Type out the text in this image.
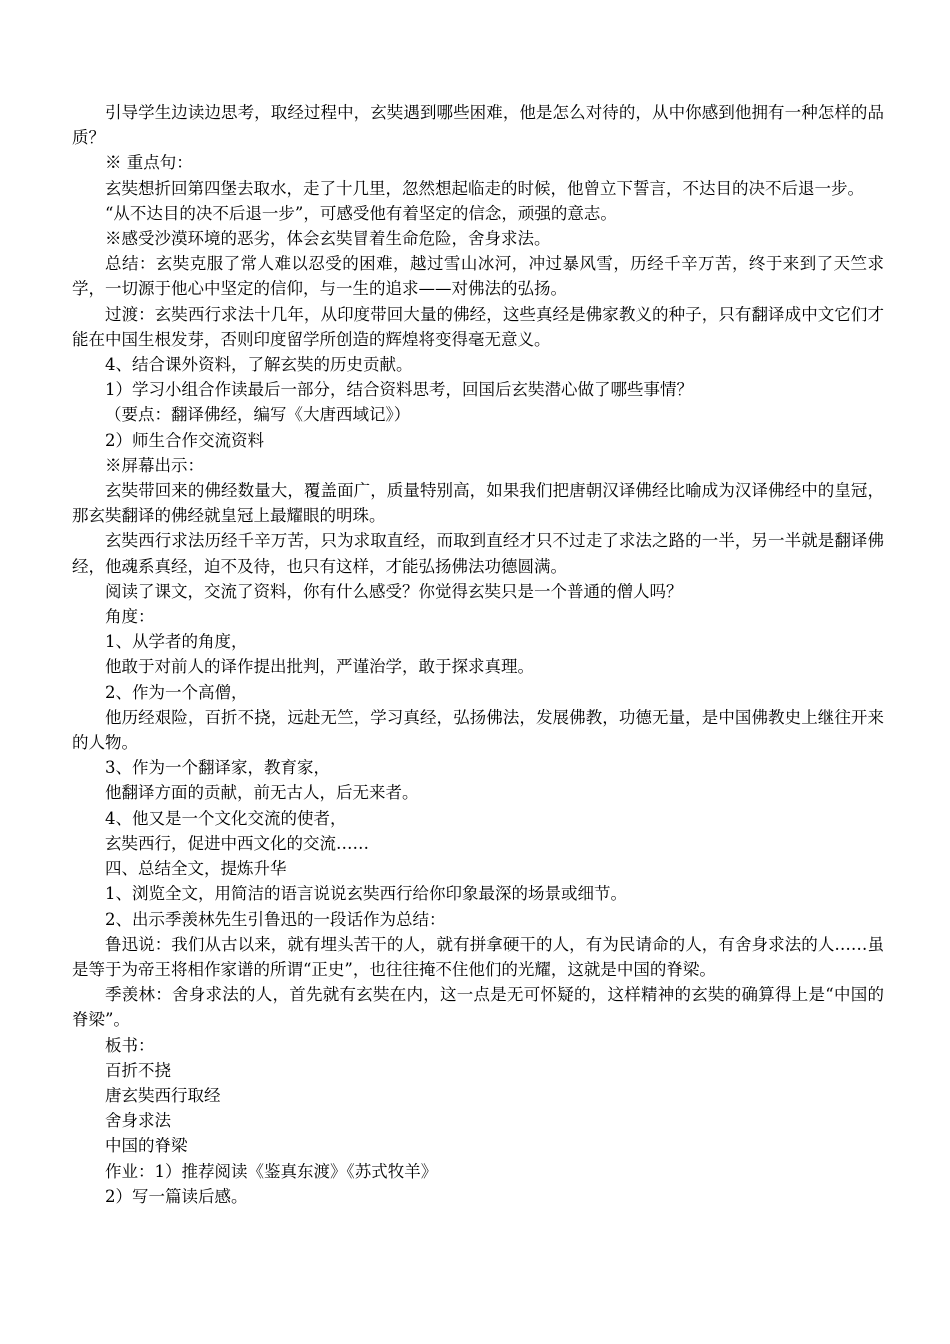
引导学生边读边思考，取经过程中，玄奘遇到哪些困难，他是怎么对待的，从中你感到他拥有一种怎样的品质？

※ 重点句：

玄奘想折回第四堡去取水，走了十几里，忽然想起临走的时候，他曾立下誓言，不达目的决不后退一步。

“从不达目的决不后退一步”，可感受他有着坚定的信念，顽强的意志。

※感受沙漠环境的恶劣，体会玄奘冒着生命危险，舍身求法。

总结：玄奘克服了常人难以忍受的困难，越过雪山冰河，冲过暴风雪，历经千辛万苦，终于来到了天竺求学，一切源于他心中坚定的信仰，与一生的追求——对佛法的弘扬。

过渡：玄奘西行求法十几年，从印度带回大量的佛经，这些真经是佛家教义的种子，只有翻译成中文它们才能在中国生根发芽，否则印度留学所创造的辉煌将变得毫无意义。

4、结合课外资料，了解玄奘的历史贡献。

1）学习小组合作读最后一部分，结合资料思考，回国后玄奘潜心做了哪些事情？

（要点：翻译佛经，编写《大唐西域记》）

2）师生合作交流资料

※屏幕出示：

玄奘带回来的佛经数量大，覆盖面广，质量特别高，如果我们把唐朝汉译佛经比喻成为汉译佛经中的皇冠，那玄奘翻译的佛经就皇冠上最耀眼的明珠。

玄奘西行求法历经千辛万苦，只为求取直经，而取到直经才只不过走了求法之路的一半，另一半就是翻译佛经，他魂系真经，迫不及待，也只有这样，才能弘扬佛法功德圆满。

阅读了课文，交流了资料，你有什么感受？你觉得玄奘只是一个普通的僧人吗？

角度：

1、从学者的角度，

他敢于对前人的译作提出批判，严谨治学，敢于探求真理。

2、作为一个高僧，

他历经艰险，百折不挠，远赴无竺，学习真经，弘扬佛法，发展佛教，功德无量，是中国佛教史上继往开来的人物。

3、作为一个翻译家，教育家，

他翻译方面的贡献，前无古人，后无来者。

4、他又是一个文化交流的使者，

玄奘西行，促进中西文化的交流……

四、总结全文，提炼升华

1、浏览全文，用简洁的语言说说玄奘西行给你印象最深的场景或细节。

2、出示季羡林先生引鲁迅的一段话作为总结：

鲁迅说：我们从古以来，就有埋头苦干的人，就有拼拿硬干的人，有为民请命的人，有舍身求法的人……虽是等于为帝王将相作家谱的所谓“正史”，也往往掩不住他们的光耀，这就是中国的脊梁。

季羡林：舍身求法的人，首先就有玄奘在内，这一点是无可怀疑的，这样精神的玄奘的确算得上是“中国的脊梁”。

板书：

百折不挠

唐玄奘西行取经

舍身求法

中国的脊梁

作业：1）推荐阅读《鉴真东渡》《苏式牧羊》

2）写一篇读后感。
